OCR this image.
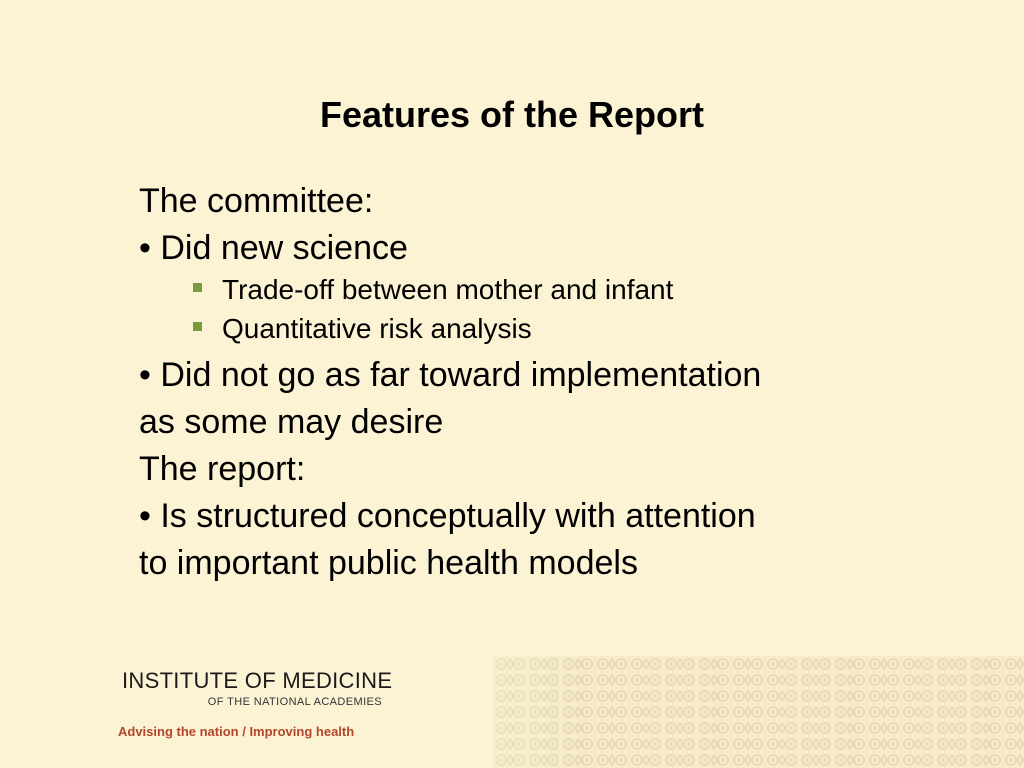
Features of the Report
The committee:
• Did new science
Trade-off between mother and infant
Quantitative risk analysis
• Did not go as far toward implementation
as some may desire
The report:
• Is structured conceptually with attention
to important public health models
INSTITUTE OF MEDICINE
OF THE NATIONAL ACADEMIES
Advising the nation / Improving health
